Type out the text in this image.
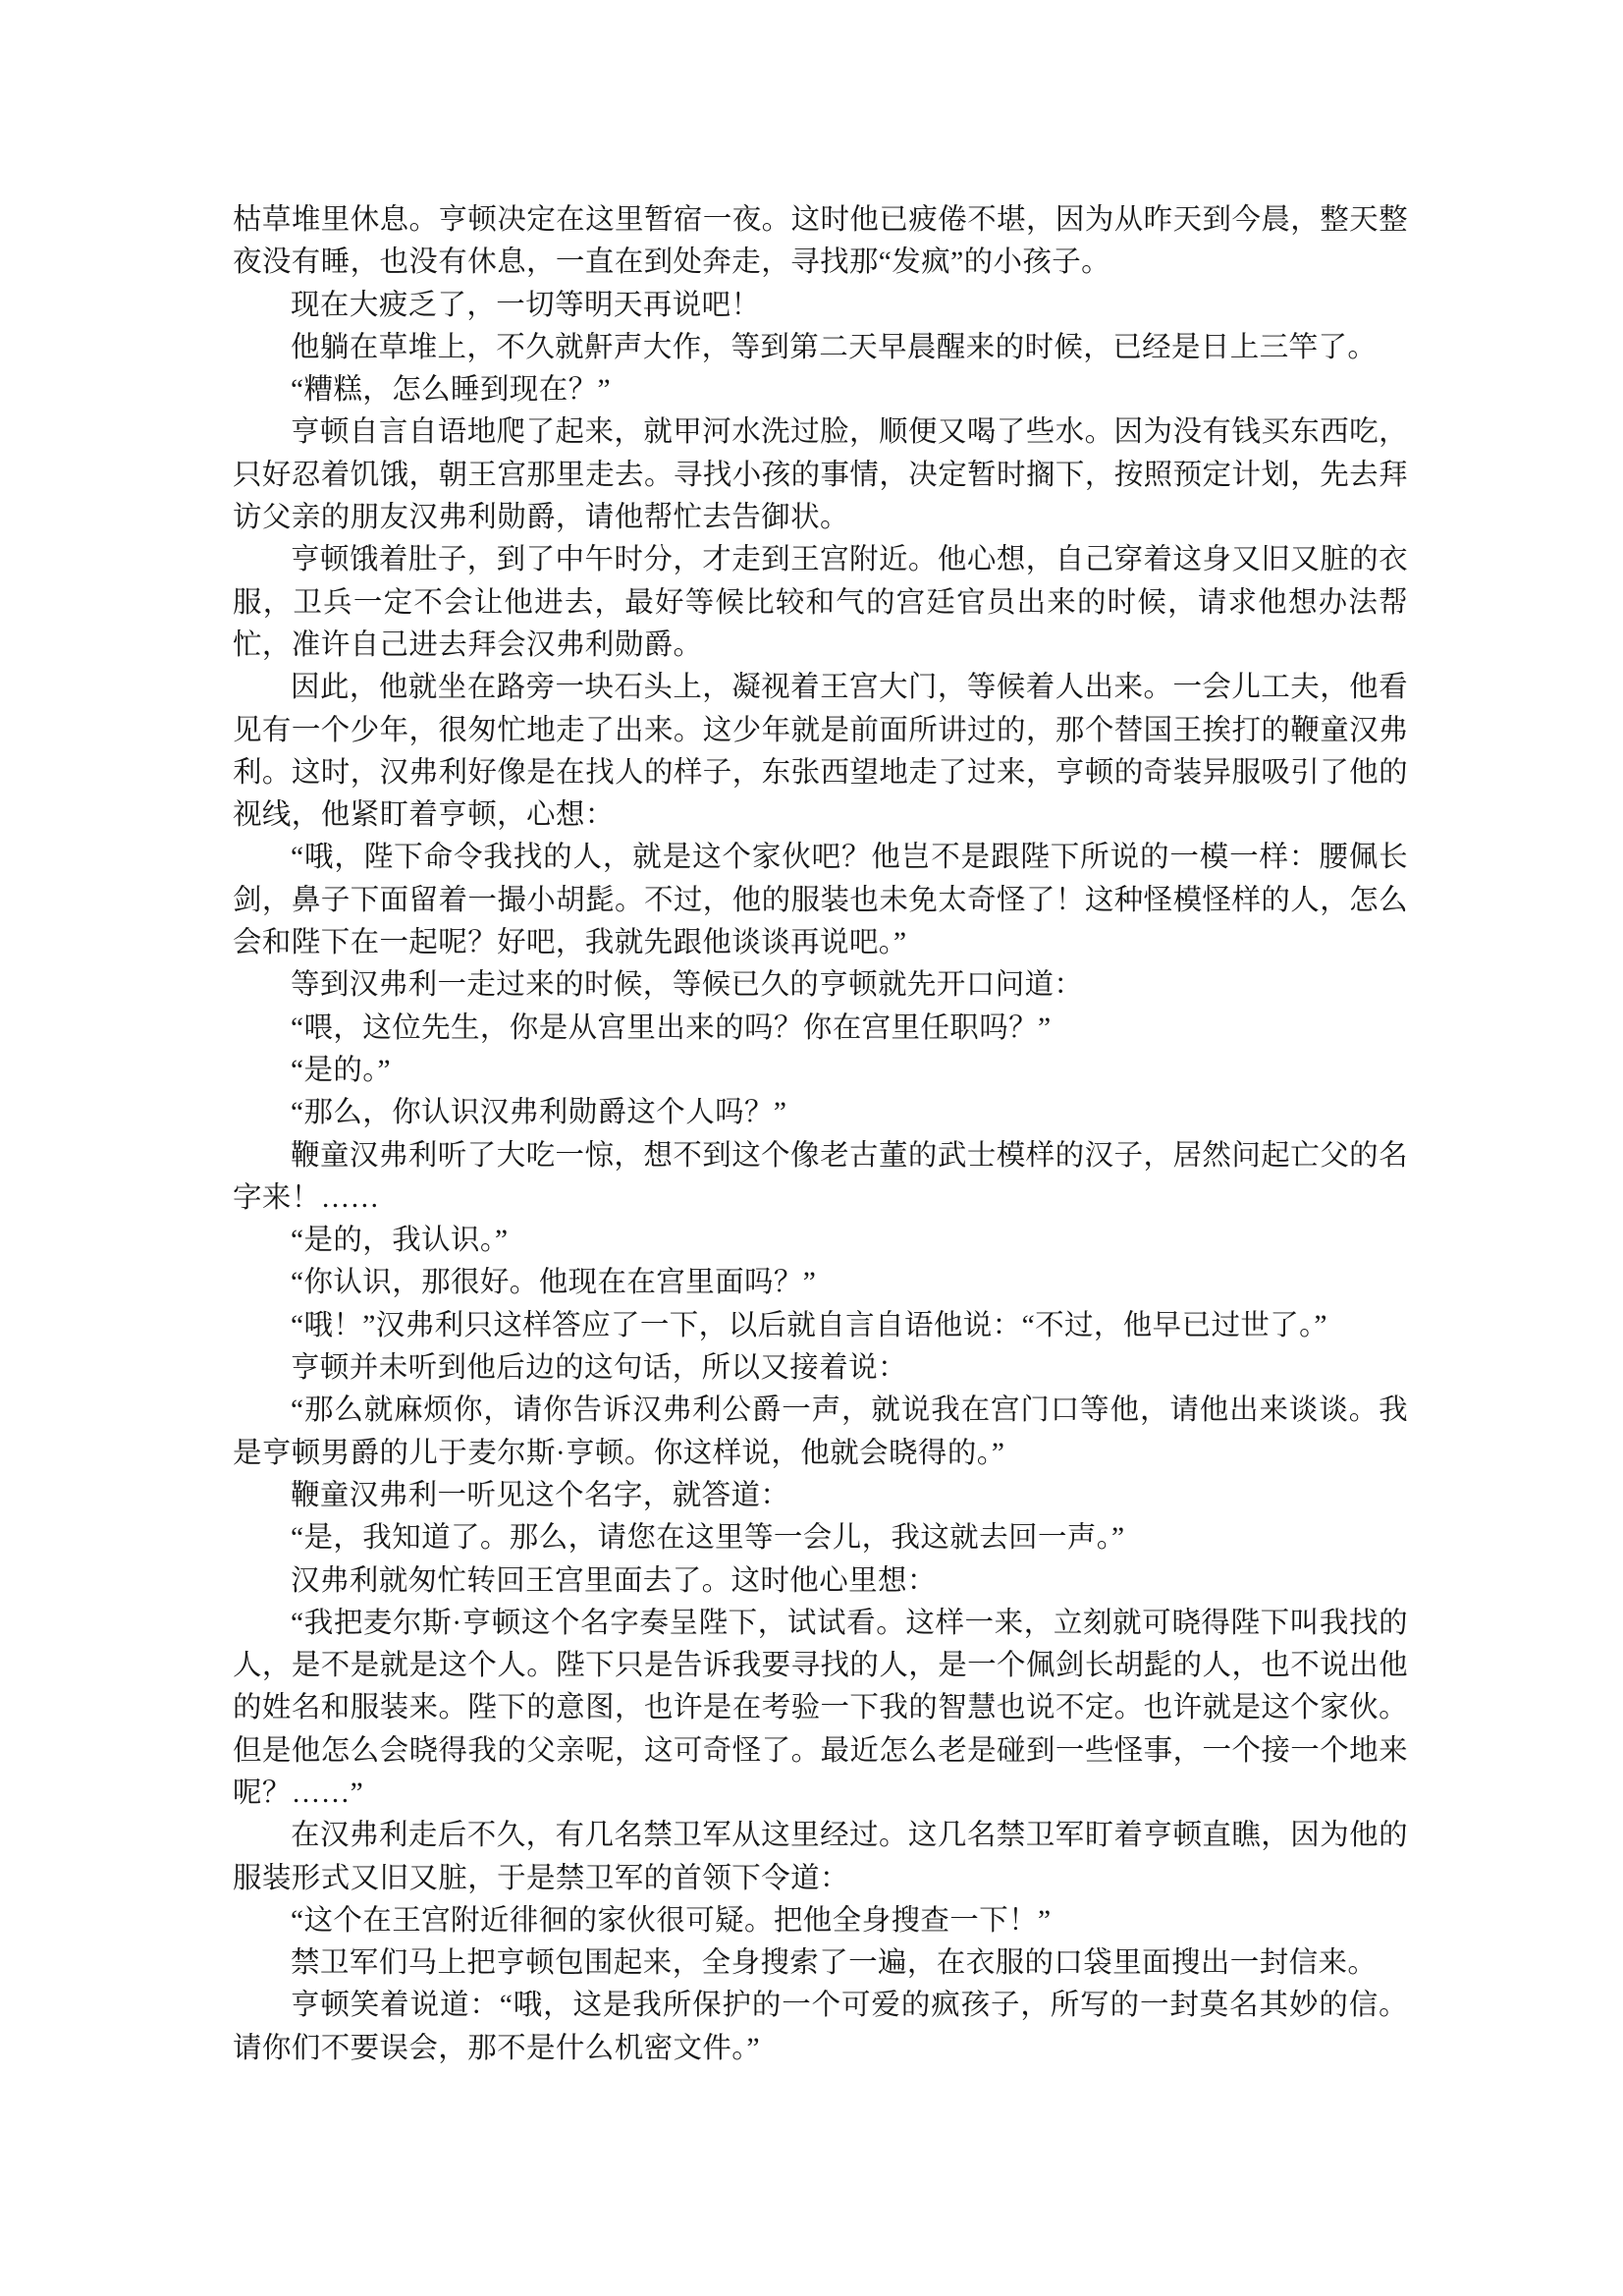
枯草堆里休息。亨顿决定在这里暂宿一夜。这时他已疲倦不堪，因为从昨天到今晨，整天整夜没有睡，也没有休息，一直在到处奔走，寻找那“发疯”的小孩子。

现在大疲乏了，一切等明天再说吧！

他躺在草堆上，不久就鼾声大作，等到第二天早晨醒来的时候，已经是日上三竿了。

“糟糕，怎么睡到现在？”

亨顿自言自语地爬了起来，就甲河水洗过脸，顺便又喝了些水。因为没有钱买东西吃，只好忍着饥饿，朝王宫那里走去。寻找小孩的事情，决定暂时搁下，按照预定计划，先去拜访父亲的朋友汉弗利勋爵，请他帮忙去告御状。

亨顿饿着肚子，到了中午时分，才走到王宫附近。他心想，自己穿着这身又旧又脏的衣服，卫兵一定不会让他进去，最好等候比较和气的宫廷官员出来的时候，请求他想办法帮忙，准许自己进去拜会汉弗利勋爵。

因此，他就坐在路旁一块石头上，凝视着王宫大门，等候着人出来。一会儿工夫，他看见有一个少年，很匆忙地走了出来。这少年就是前面所讲过的，那个替国王挨打的鞭童汉弗利。这时，汉弗利好像是在找人的样子，东张西望地走了过来，亨顿的奇装异服吸引了他的视线，他紧盯着亨顿，心想：

“哦，陛下命令我找的人，就是这个家伙吧？他岂不是跟陛下所说的一模一样：腰佩长剑，鼻子下面留着一撮小胡髭。不过，他的服装也未免太奇怪了！这种怪模怪样的人，怎么会和陛下在一起呢？好吧，我就先跟他谈谈再说吧。”

等到汉弗利一走过来的时候，等候已久的亨顿就先开口问道：

“喂，这位先生，你是从宫里出来的吗？你在宫里任职吗？”

“是的。”

“那么，你认识汉弗利勋爵这个人吗？”

鞭童汉弗利听了大吃一惊，想不到这个像老古董的武士模样的汉子，居然问起亡父的名字来！……

“是的，我认识。”

“你认识，那很好。他现在在宫里面吗？”

“哦！”汉弗利只这样答应了一下，以后就自言自语他说：“不过，他早已过世了。”

亨顿并未听到他后边的这句话，所以又接着说：

“那么就麻烦你，请你告诉汉弗利公爵一声，就说我在宫门口等他，请他出来谈谈。我是亨顿男爵的儿于麦尔斯·亨顿。你这样说，他就会晓得的。”

鞭童汉弗利一听见这个名字，就答道：

“是，我知道了。那么，请您在这里等一会儿，我这就去回一声。”

汉弗利就匆忙转回王宫里面去了。这时他心里想：

“我把麦尔斯·亨顿这个名字奏呈陛下，试试看。这样一来，立刻就可晓得陛下叫我找的人，是不是就是这个人。陛下只是告诉我要寻找的人，是一个佩剑长胡髭的人，也不说出他的姓名和服装来。陛下的意图，也许是在考验一下我的智慧也说不定。也许就是这个家伙。但是他怎么会晓得我的父亲呢，这可奇怪了。最近怎么老是碰到一些怪事，一个接一个地来呢？……”

在汉弗利走后不久，有几名禁卫军从这里经过。这几名禁卫军盯着亨顿直瞧，因为他的服装形式又旧又脏，于是禁卫军的首领下令道：

“这个在王宫附近徘徊的家伙很可疑。把他全身搜查一下！”

禁卫军们马上把亨顿包围起来，全身搜索了一遍，在衣服的口袋里面搜出一封信来。

亨顿笑着说道：“哦，这是我所保护的一个可爱的疯孩子，所写的一封莫名其妙的信。请你们不要误会，那不是什么机密文件。”
